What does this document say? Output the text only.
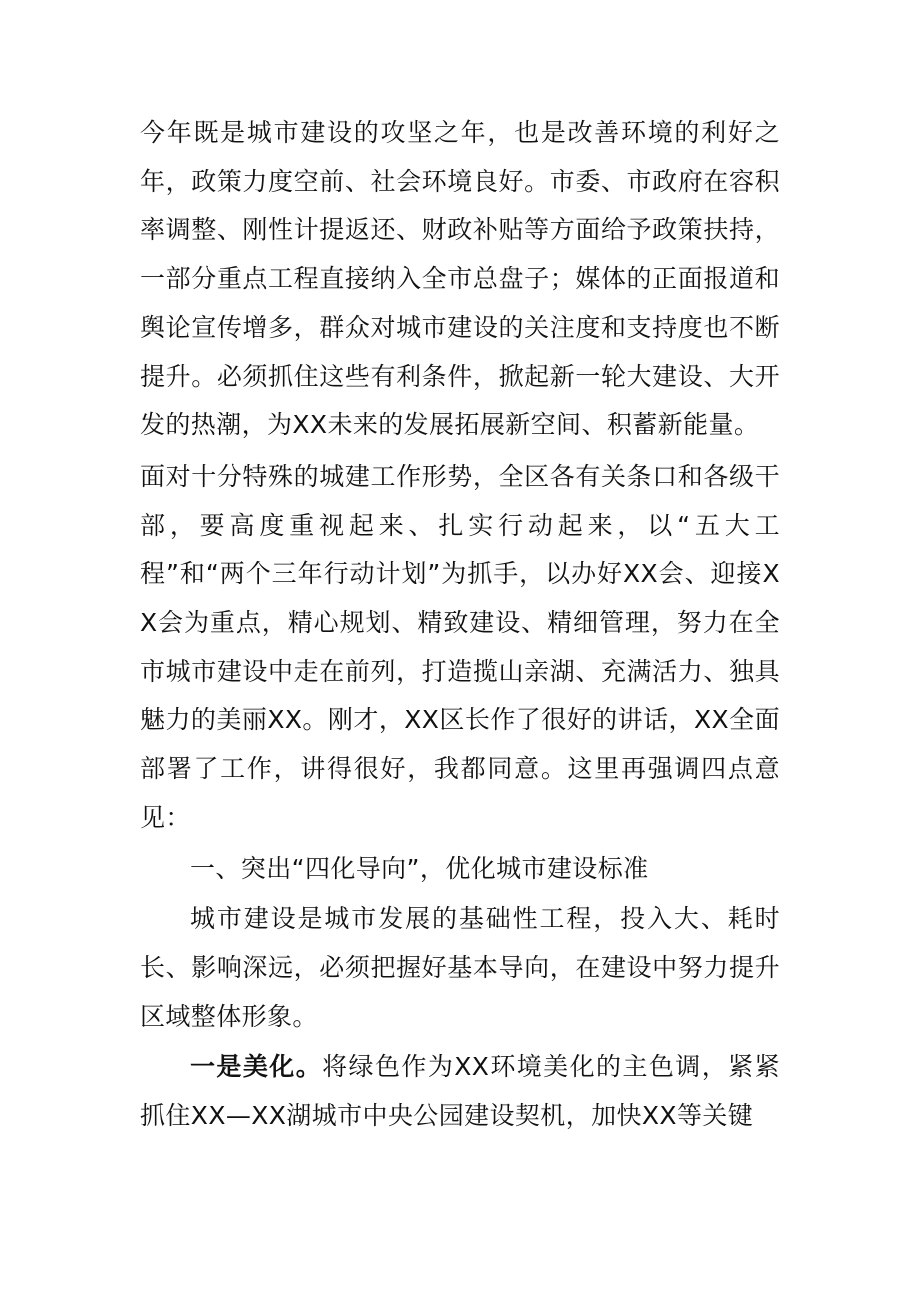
今年既是城市建设的攻坚之年，也是改善环境的利好之年，政策力度空前、社会环境良好。市委、市政府在容积率调整、刚性计提返还、财政补贴等方面给予政策扶持，一部分重点工程直接纳入全市总盘子；媒体的正面报道和舆论宣传增多，群众对城市建设的关注度和支持度也不断提升。必须抓住这些有利条件，掀起新一轮大建设、大开发的热潮，为XX未来的发展拓展新空间、积蓄新能量。

面对十分特殊的城建工作形势，全区各有关条口和各级干部，要高度重视起来、扎实行动起来，以“五大工程”和“两个三年行动计划”为抓手，以办好XX会、迎接XX会为重点，精心规划、精致建设、精细管理，努力在全市城市建设中走在前列，打造揽山亲湖、充满活力、独具魅力的美丽XX。刚才，XX区长作了很好的讲话，XX全面部署了工作，讲得很好，我都同意。这里再强调四点意见：

一、突出“四化导向”，优化城市建设标准

城市建设是城市发展的基础性工程，投入大、耗时长、影响深远，必须把握好基本导向，在建设中努力提升区域整体形象。

一是美化。将绿色作为XX环境美化的主色调，紧紧抓住XX—XX湖城市中央公园建设契机，加快XX等关键
